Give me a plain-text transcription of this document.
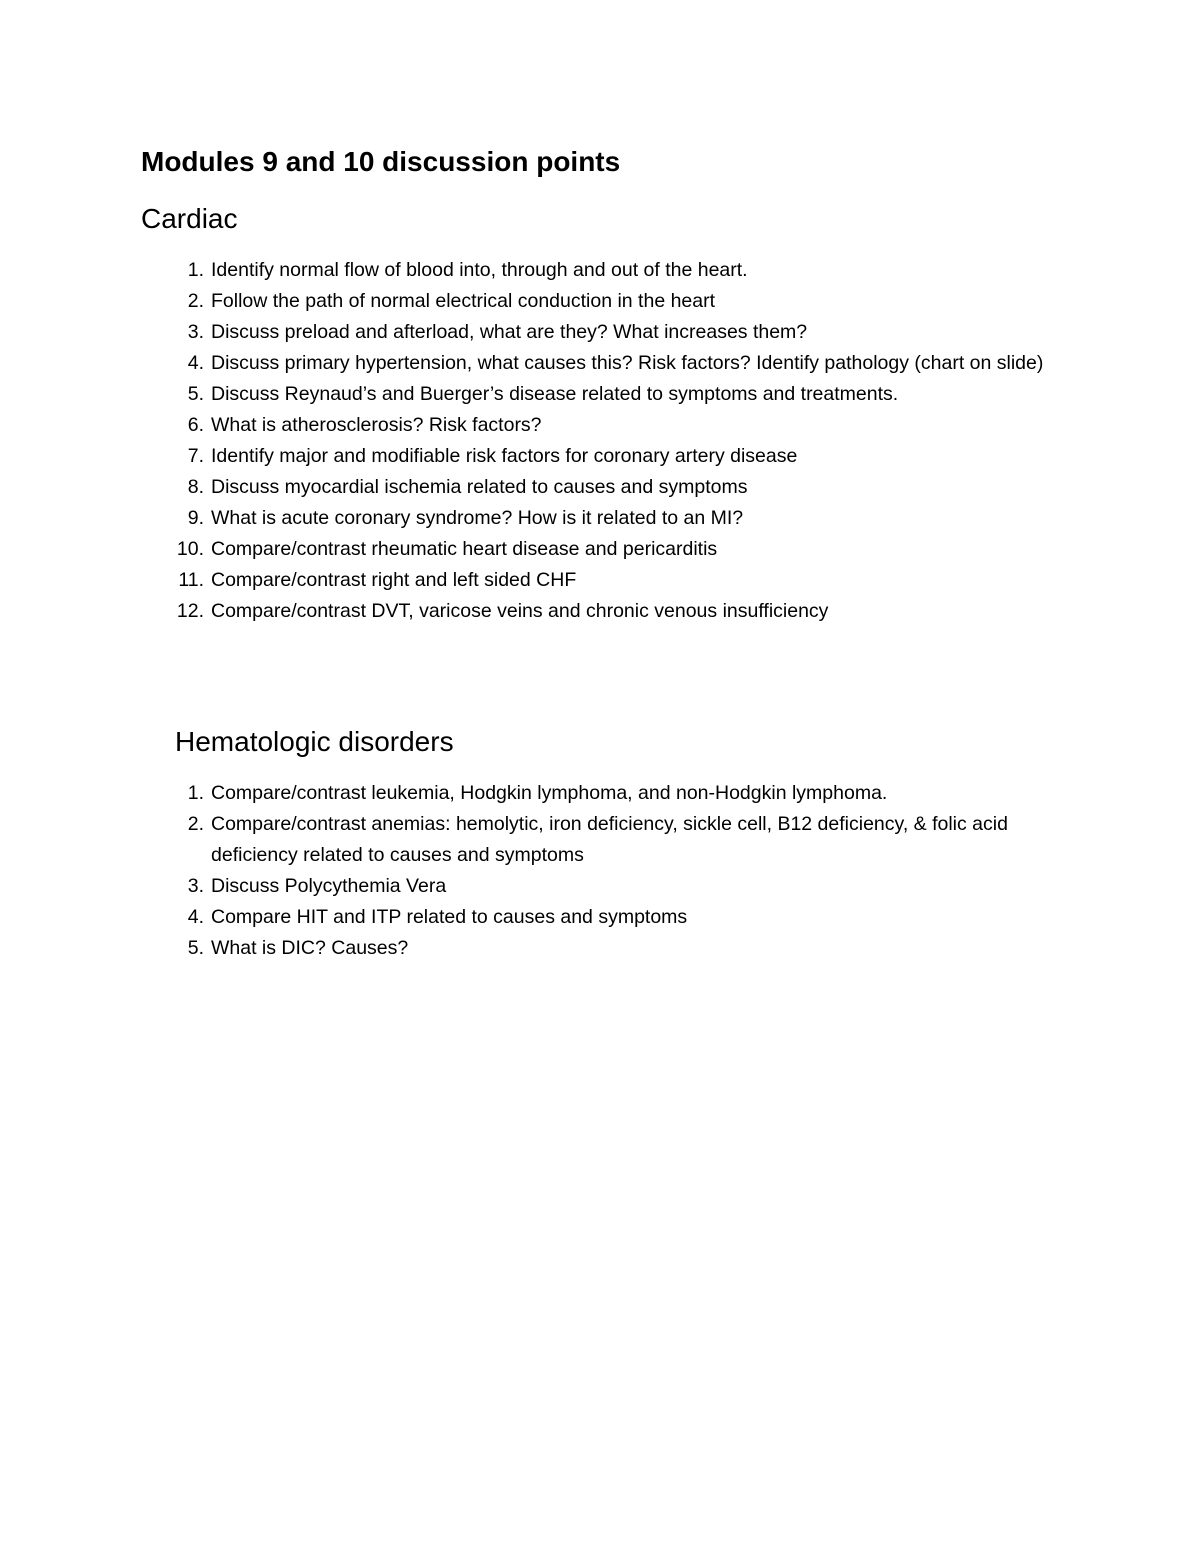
Modules 9 and 10 discussion points
Cardiac
1. Identify normal flow of blood into, through and out of the heart.
2. Follow the path of normal electrical conduction in the heart
3. Discuss preload and afterload, what are they? What increases them?
4. Discuss primary hypertension, what causes this? Risk factors? Identify pathology (chart on slide)
5. Discuss Reynaud’s and Buerger’s disease related to symptoms and treatments.
6. What is atherosclerosis? Risk factors?
7. Identify major and modifiable risk factors for coronary artery disease
8. Discuss myocardial ischemia related to causes and symptoms
9. What is acute coronary syndrome? How is it related to an MI?
10. Compare/contrast rheumatic heart disease and pericarditis
11. Compare/contrast right and left sided CHF
12. Compare/contrast DVT, varicose veins and chronic venous insufficiency
Hematologic disorders
1. Compare/contrast leukemia, Hodgkin lymphoma, and non-Hodgkin lymphoma.
2. Compare/contrast anemias: hemolytic, iron deficiency, sickle cell, B12 deficiency, & folic acid deficiency related to causes and symptoms
3. Discuss Polycythemia Vera
4. Compare HIT and ITP related to causes and symptoms
5. What is DIC? Causes?
